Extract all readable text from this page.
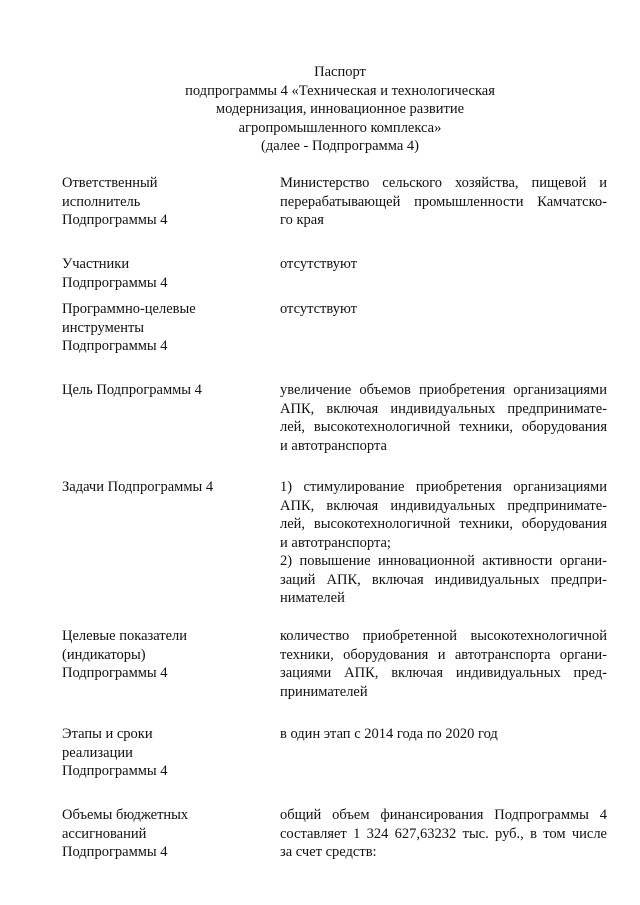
Паспорт
подпрограммы 4 «Техническая и технологическая
модернизация, инновационное развитие
агропромышленного комплекса»
(далее - Подпрограмма 4)
Ответственный
исполнитель
Подпрограммы 4
Министерство сельского хозяйства, пищевой и
перерабатывающей промышленности Камчатско-
го края
Участники
Подпрограммы 4
отсутствуют
Программно-целевые
инструменты
Подпрограммы 4
отсутствуют
Цель Подпрограммы 4	увеличение объемов приобретения организациями
АПК, включая индивидуальных предпринимате-
лей, высокотехнологичной техники, оборудования
и автотранспорта
Задачи Подпрограммы 4	1) стимулирование приобретения организациями
АПК, включая индивидуальных предпринимате-
лей, высокотехнологичной техники, оборудования
и автотранспорта;
2) повышение инновационной активности органи-
заций АПК, включая индивидуальных предпри-
нимателей
Целевые показатели
(индикаторы)
Подпрограммы 4
количество приобретенной высокотехнологичной
техники, оборудования и автотранспорта органи-
зациями АПК, включая индивидуальных пред-
принимателей
Этапы и сроки
реализации
Подпрограммы 4
в один этап с 2014 года по 2020 год
Объемы бюджетных
ассигнований
Подпрограммы 4
общий объем финансирования Подпрограммы 4
составляет 1 324 627,63232 тыс. руб., в том числе
за счет средств:
